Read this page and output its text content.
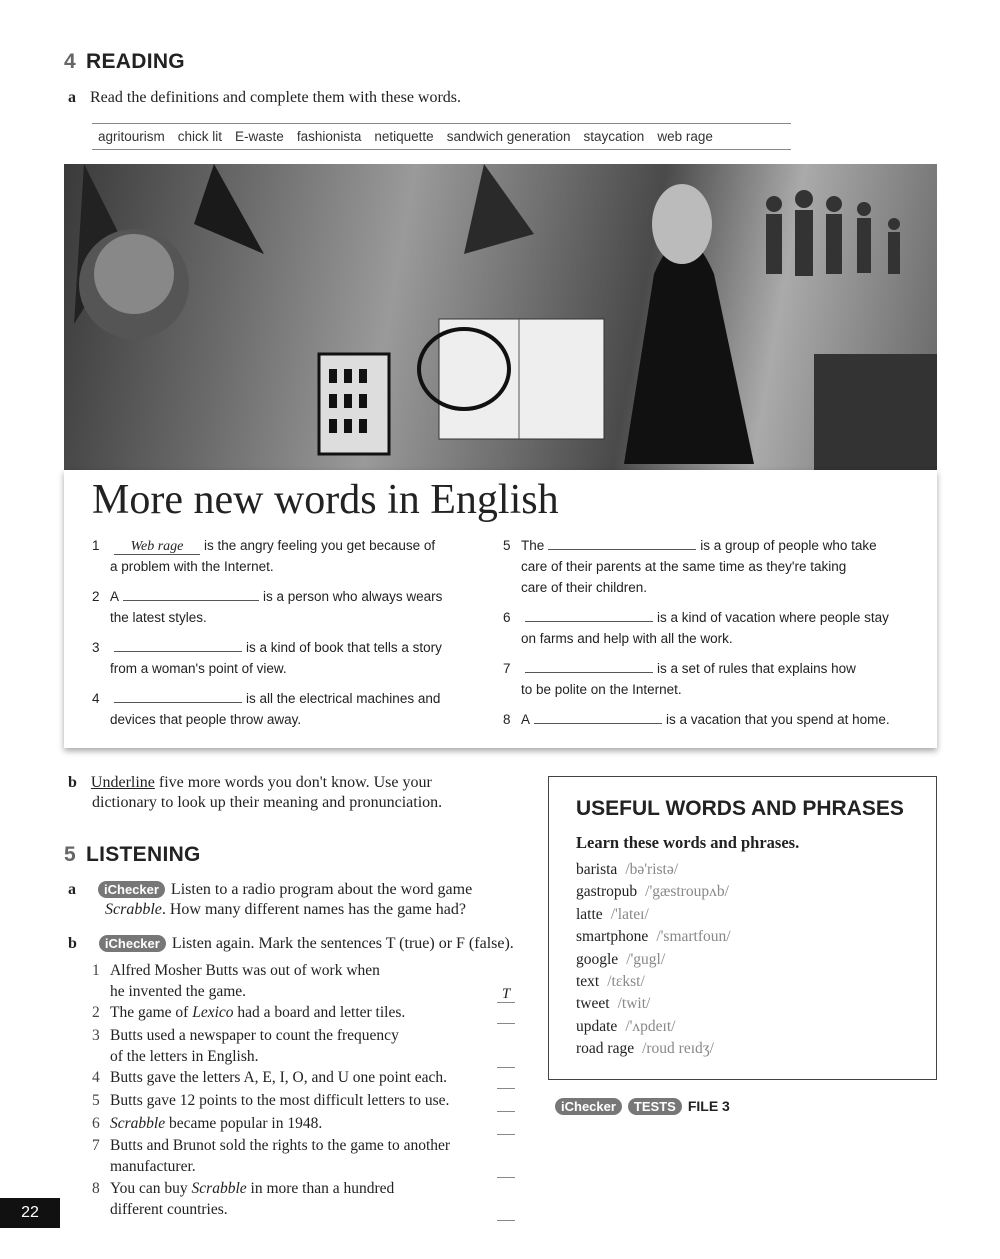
4 READING
a Read the definitions and complete them with these words.
agritourism chick lit E-waste fashionista netiquette sandwich generation staycation web rage
More new words in English
1 Web rage is the angry feeling you get because of
a problem with the Internet.
2 A	is a person who always wears
the latest styles.
3	is a kind of book that tells a story
from a woman's point of view.
4	is all the electrical machines and
devices that people throw away.
5 The	is a group of people who take
care of their parents at the same time as they're taking
care of their children.
6	is a kind of vacation where people stay
on farms and help with all the work.
7	is a set of rules that explains how
to be polite on the Internet.
8 A	is a vacation that you spend at home.
b Underline five more words you don't know. Use your
dictionary to look up their meaning and pronunciation.
5 LISTENING
a iChecker Listen to a radio program about the word game
Scrabble. How many different names has the game had?
b iChecker Listen again. Mark the sentences T (true) or F (false).
1 Alfred Mosher Butts was out of work when
he invented the game.	T
2 The game of Lexico had a board and letter tiles.

3 Butts used a newspaper to count the frequency
of the letters in English.

4 Butts gave the letters A, E, I, O, and U one point each.

5 Butts gave 12 points to the most difficult letters to use.

6 Scrabble became popular in 1948.

7 Butts and Brunot sold the rights to the game to another
manufacturer.

8 You can buy Scrabble in more than a hundred
different countries.

USEFUL WORDS AND PHRASES
Learn these words and phrases.
barista /bə'ristə/
gastropub /'gæstroupʌb/
latte /'lateɪ/
smartphone /'smartfoun/
google /'gugl/
text /tɛkst/
tweet /twit/
update /'ʌpdeɪt/
road rage /roud reɪdʒ/
iChecker TESTS FILE 3
22
